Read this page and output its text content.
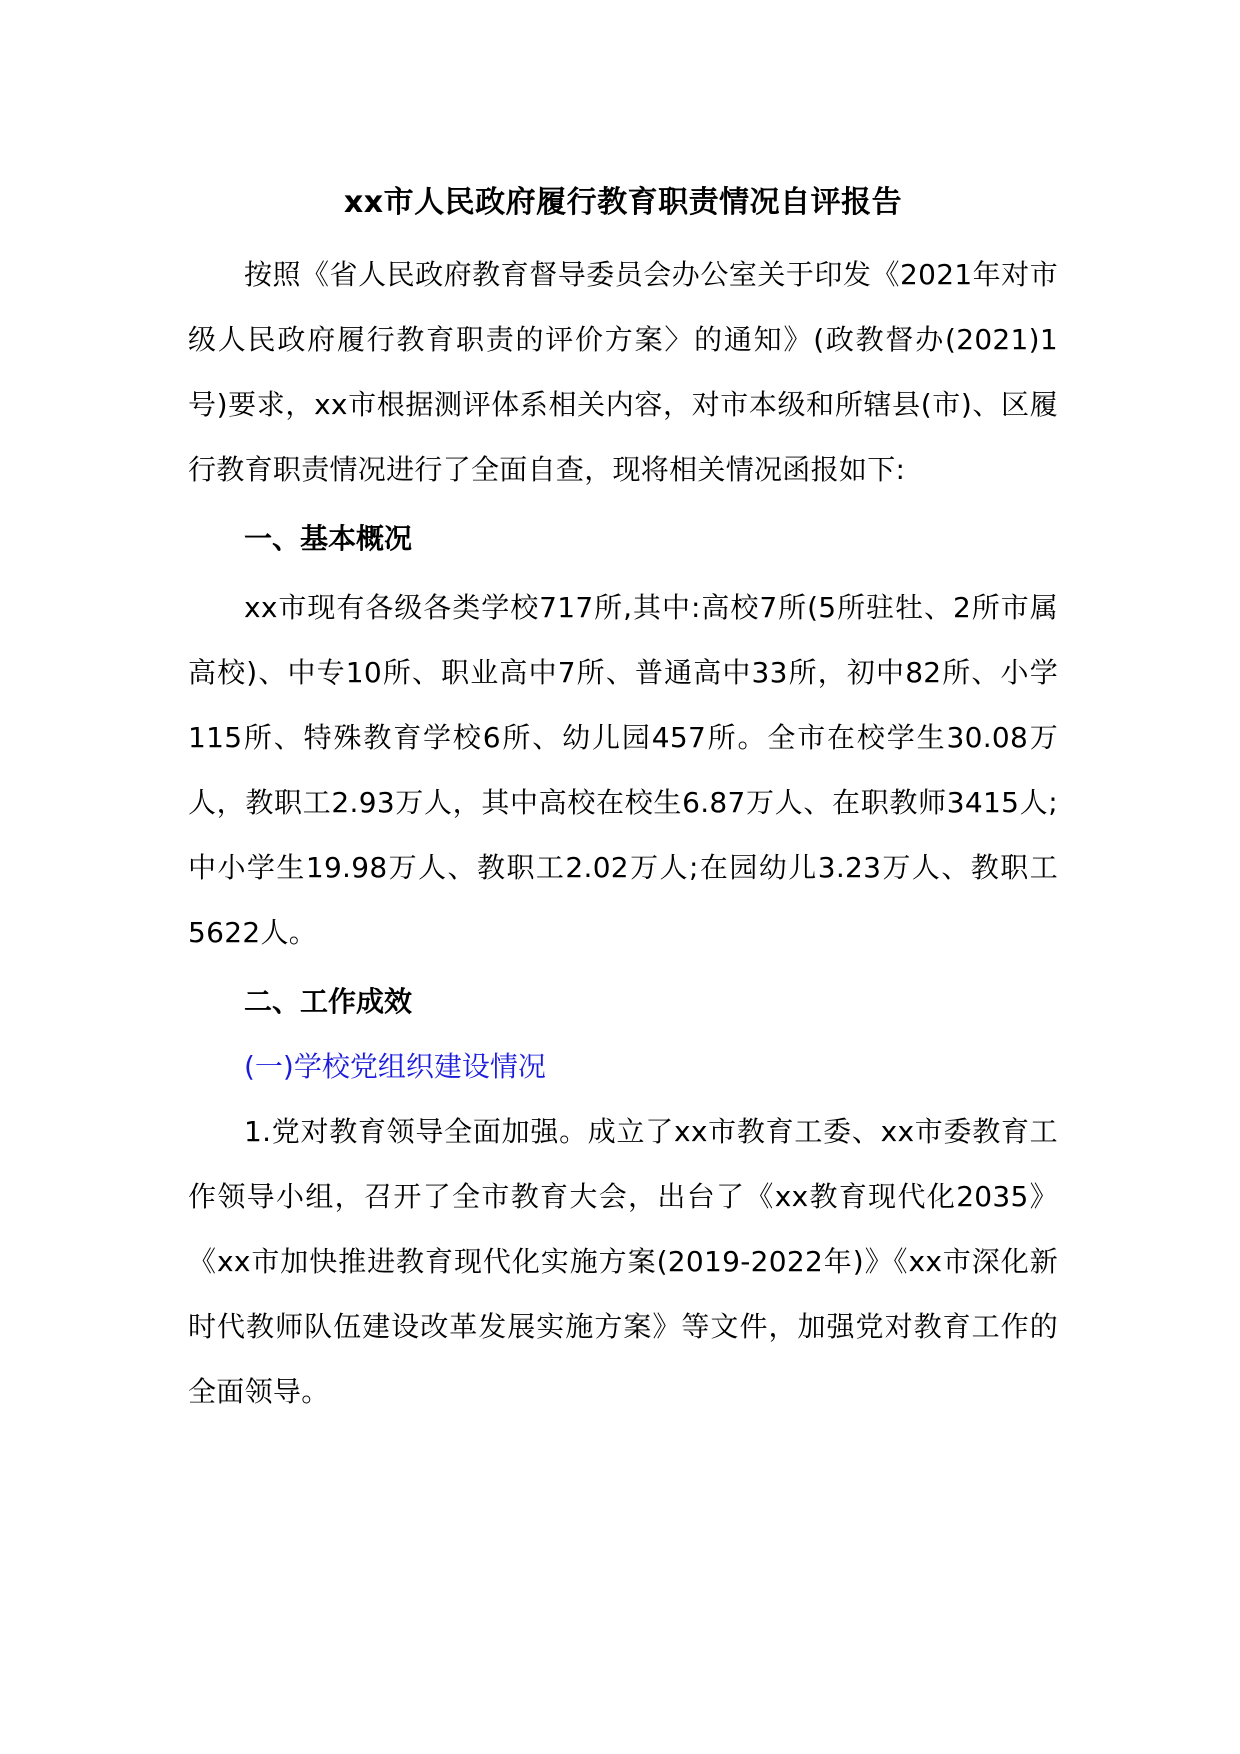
xx市人民政府履行教育职责情况自评报告

按照《省人民政府教育督导委员会办公室关于印发《2021年对市级人民政府履行教育职责的评价方案〉的通知》(政教督办(2021)1号)要求，xx市根据测评体系相关内容，对市本级和所辖县(市)、区履行教育职责情况进行了全面自查，现将相关情况函报如下:

一、基本概况

xx市现有各级各类学校717所,其中:高校7所(5所驻牡、2所市属高校)、中专10所、职业高中7所、普通高中33所，初中82所、小学115所、特殊教育学校6所、幼儿园457所。全市在校学生30.08万人，教职工2.93万人，其中高校在校生6.87万人、在职教师3415人;中小学生19.98万人、教职工2.02万人;在园幼儿3.23万人、教职工5622人。

二、工作成效

(一)学校党组织建设情况

1.党对教育领导全面加强。成立了xx市教育工委、xx市委教育工作领导小组，召开了全市教育大会，出台了《xx教育现代化2035》《xx市加快推进教育现代化实施方案(2019-2022年)》《xx市深化新时代教师队伍建设改革发展实施方案》等文件，加强党对教育工作的全面领导。
